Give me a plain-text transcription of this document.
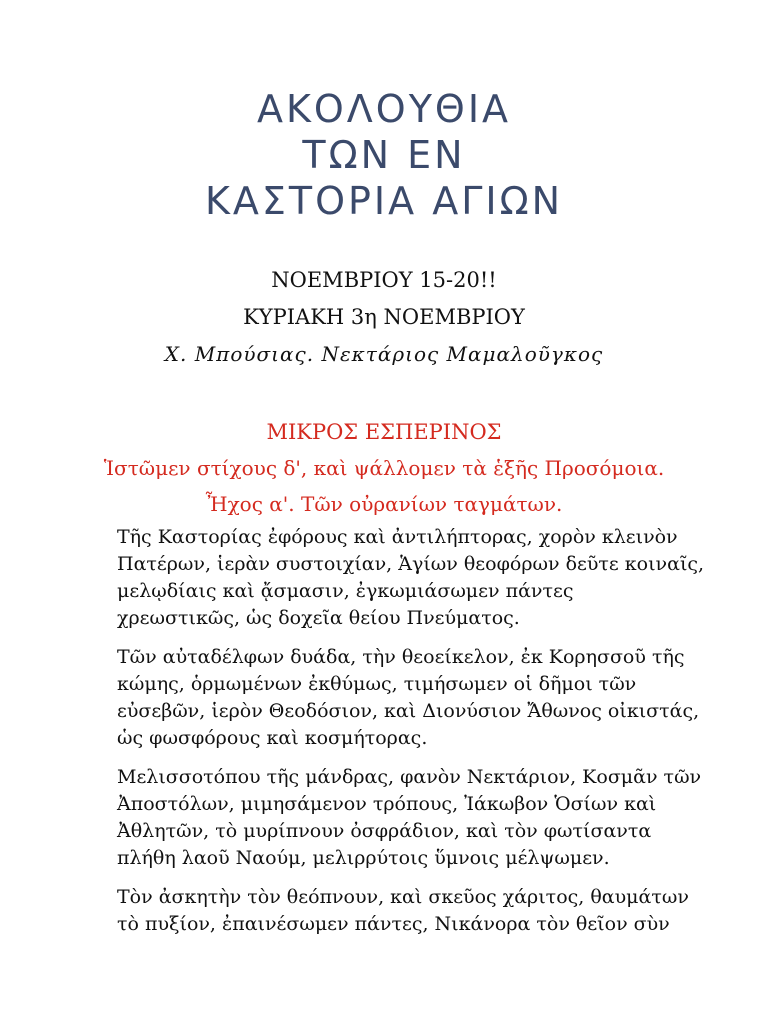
ΑΚΟΛΟΥΘΙΑ
ΤΩΝ ΕΝ
ΚΑΣΤΟΡΙΑ ΑΓΙΩΝ
ΝΟΕΜΒΡΙΟΥ 15-20!!
ΚΥΡΙΑΚΗ 3η ΝΟΕΜΒΡΙΟΥ
Χ. Μπούσιας. Νεκτάριος Μαμαλοῦγκος
ΜΙΚΡΟΣ ΕΣΠΕΡΙΝΟΣ
Ἱστῶμεν στίχους δ', καὶ ψάλλομεν τὰ ἑξῆς Προσόμοια.
Ἦχος α'. Τῶν οὐρανίων ταγμάτων.

Τῆς Καστορίας ἐφόρους καὶ ἀντιλήπτορας, χορὸν κλεινὸν
Πατέρων, ἱερὰν συστοιχίαν, Ἁγίων θεοφόρων δεῦτε κοιναῖς,
μελῳδίαις καὶ ᾄσμασιν, ἐγκωμιάσωμεν πάντες
χρεωστικῶς, ὡς δοχεῖα θείου Πνεύματος.

Τῶν αὐταδέλφων δυάδα, τὴν θεοείκελον, ἐκ Κορησσοῦ τῆς
κώμης, ὁρμωμένων ἐκθύμως, τιμήσωμεν οἱ δῆμοι τῶν
εὐσεβῶν, ἱερὸν Θεοδόσιον, καὶ Διονύσιον Ἄθωνος οἰκιστάς,
ὡς φωσφόρους καὶ κοσμήτορας.

Μελισσοτόπου τῆς μάνδρας, φανὸν Νεκτάριον, Κοσμᾶν τῶν
Ἀποστόλων, μιμησάμενον τρόπους, Ἰάκωβον Ὁσίων καὶ
Ἀθλητῶν, τὸ μυρίπνουν ὀσφράδιον, καὶ τὸν φωτίσαντα
πλήθη λαοῦ Ναούμ, μελιρρύτοις ὕμνοις μέλψωμεν.

Τὸν ἀσκητὴν τὸν θεόπνουν, καὶ σκεῦος χάριτος, θαυμάτων
τὸ πυξίον, ἐπαινέσωμεν πάντες, Νικάνορα τὸν θεῖον σὺν
